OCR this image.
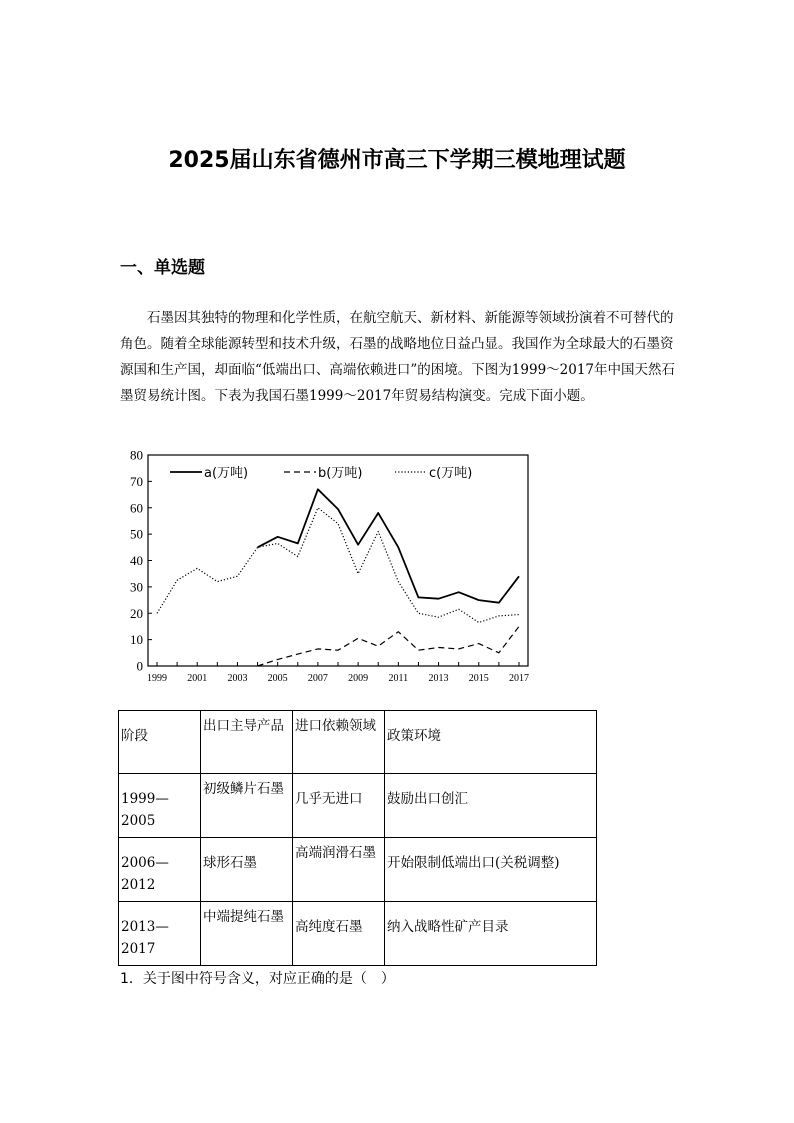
2025届山东省德州市高三下学期三模地理试题
一、单选题

石墨因其独特的物理和化学性质，在航空航天、新材料、新能源等领域扮演着不可替代的角色。随着全球能源转型和技术升级，石墨的战略地位日益凸显。我国作为全球最大的石墨资源国和生产国，却面临“低端出口、高端依赖进口”的困境。下图为1999～2017年中国天然石墨贸易统计图。下表为我国石墨1999～2017年贸易结构演变。完成下面小题。

0
10
20
30
40
50
60
70
80
1999 2001 2003 2005 2007 2009 2011 2013 2015 2017
a(万吨)	b(万吨)	c(万吨)
阶段	出口主导产品	进口依赖领域	政策环境
1999—2005	初级鳞片石墨	几乎无进口	鼓励出口创汇
2006—2012	球形石墨	高端润滑石墨	开始限制低端出口(关税调整)
2013—2017	中端提纯石墨	高纯度石墨	纳入战略性矿产目录
1．关于图中符号含义，对应正确的是（　）
